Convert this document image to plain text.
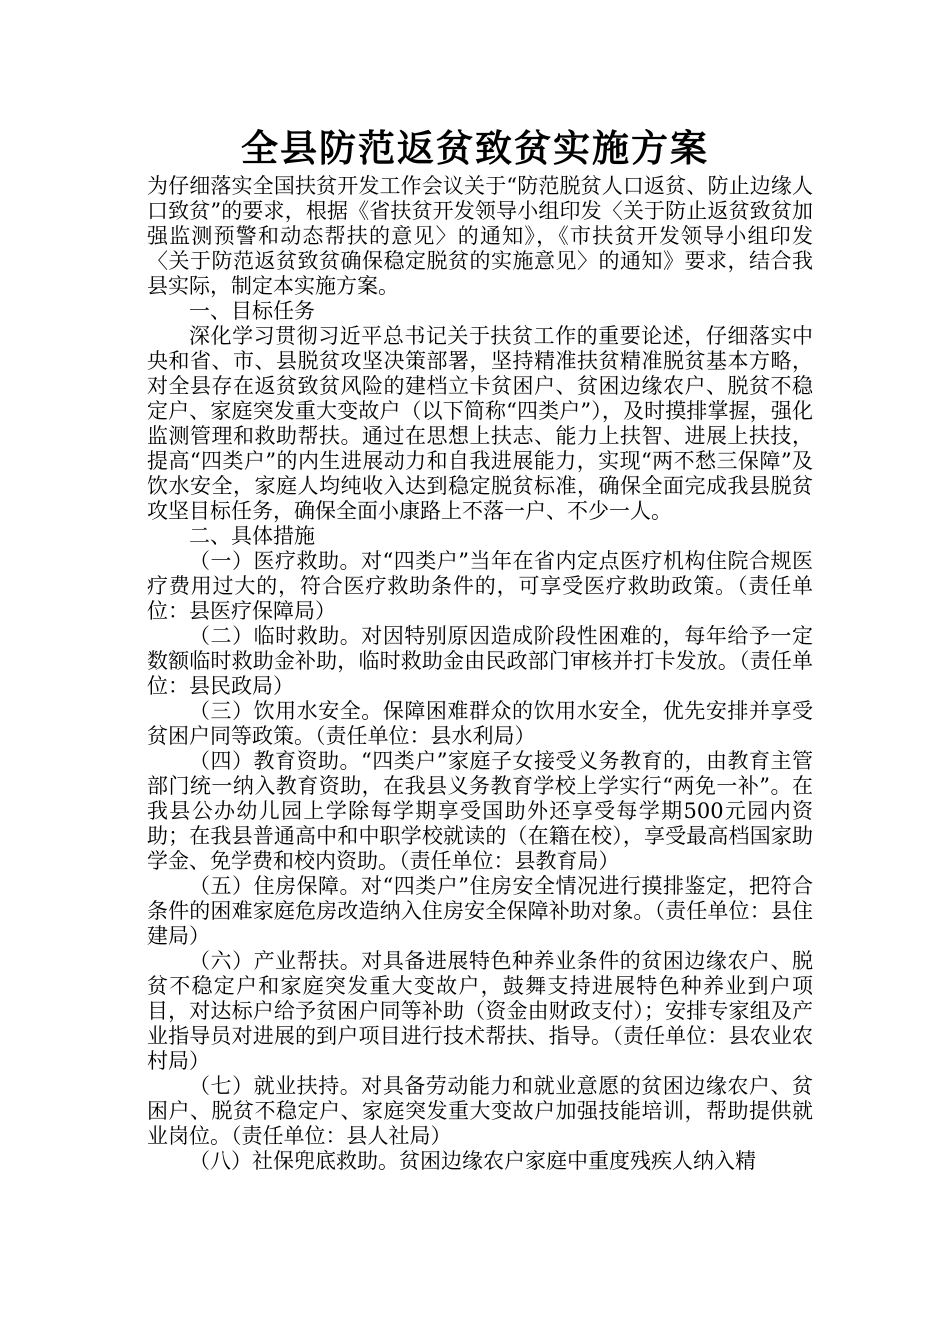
全县防范返贫致贫实施方案

为仔细落实全国扶贫开发工作会议关于“防范脱贫人口返贫、防止边缘人口致贫”的要求，根据《省扶贫开发领导小组印发〈关于防止返贫致贫加强监测预警和动态帮扶的意见〉的通知》，《市扶贫开发领导小组印发〈关于防范返贫致贫确保稳定脱贫的实施意见〉的通知》要求，结合我县实际，制定本实施方案。

一、目标任务

深化学习贯彻习近平总书记关于扶贫工作的重要论述，仔细落实中央和省、市、县脱贫攻坚决策部署，坚持精准扶贫精准脱贫基本方略，对全县存在返贫致贫风险的建档立卡贫困户、贫困边缘农户、脱贫不稳定户、家庭突发重大变故户（以下简称“四类户”），及时摸排掌握，强化监测管理和救助帮扶。通过在思想上扶志、能力上扶智、进展上扶技，提高“四类户”的内生进展动力和自我进展能力，实现“两不愁三保障”及饮水安全，家庭人均纯收入达到稳定脱贫标准，确保全面完成我县脱贫攻坚目标任务，确保全面小康路上不落一户、不少一人。

二、具体措施

（一）医疗救助。对“四类户”当年在省内定点医疗机构住院合规医疗费用过大的，符合医疗救助条件的，可享受医疗救助政策。（责任单位：县医疗保障局）

（二）临时救助。对因特别原因造成阶段性困难的，每年给予一定数额临时救助金补助，临时救助金由民政部门审核并打卡发放。（责任单位：县民政局）

（三）饮用水安全。保障困难群众的饮用水安全，优先安排并享受贫困户同等政策。（责任单位：县水利局）

（四）教育资助。“四类户”家庭子女接受义务教育的，由教育主管部门统一纳入教育资助，在我县义务教育学校上学实行“两免一补”。在我县公办幼儿园上学除每学期享受国助外还享受每学期500元园内资助；在我县普通高中和中职学校就读的（在籍在校），享受最高档国家助学金、免学费和校内资助。（责任单位：县教育局）

（五）住房保障。对“四类户”住房安全情况进行摸排鉴定，把符合条件的困难家庭危房改造纳入住房安全保障补助对象。（责任单位：县住建局）

（六）产业帮扶。对具备进展特色种养业条件的贫困边缘农户、脱贫不稳定户和家庭突发重大变故户，鼓舞支持进展特色种养业到户项目，对达标户给予贫困户同等补助（资金由财政支付）；安排专家组及产业指导员对进展的到户项目进行技术帮扶、指导。（责任单位：县农业农村局）

（七）就业扶持。对具备劳动能力和就业意愿的贫困边缘农户、贫困户、脱贫不稳定户、家庭突发重大变故户加强技能培训，帮助提供就业岗位。（责任单位：县人社局）

（八）社保兜底救助。贫困边缘农户家庭中重度残疾人纳入精
